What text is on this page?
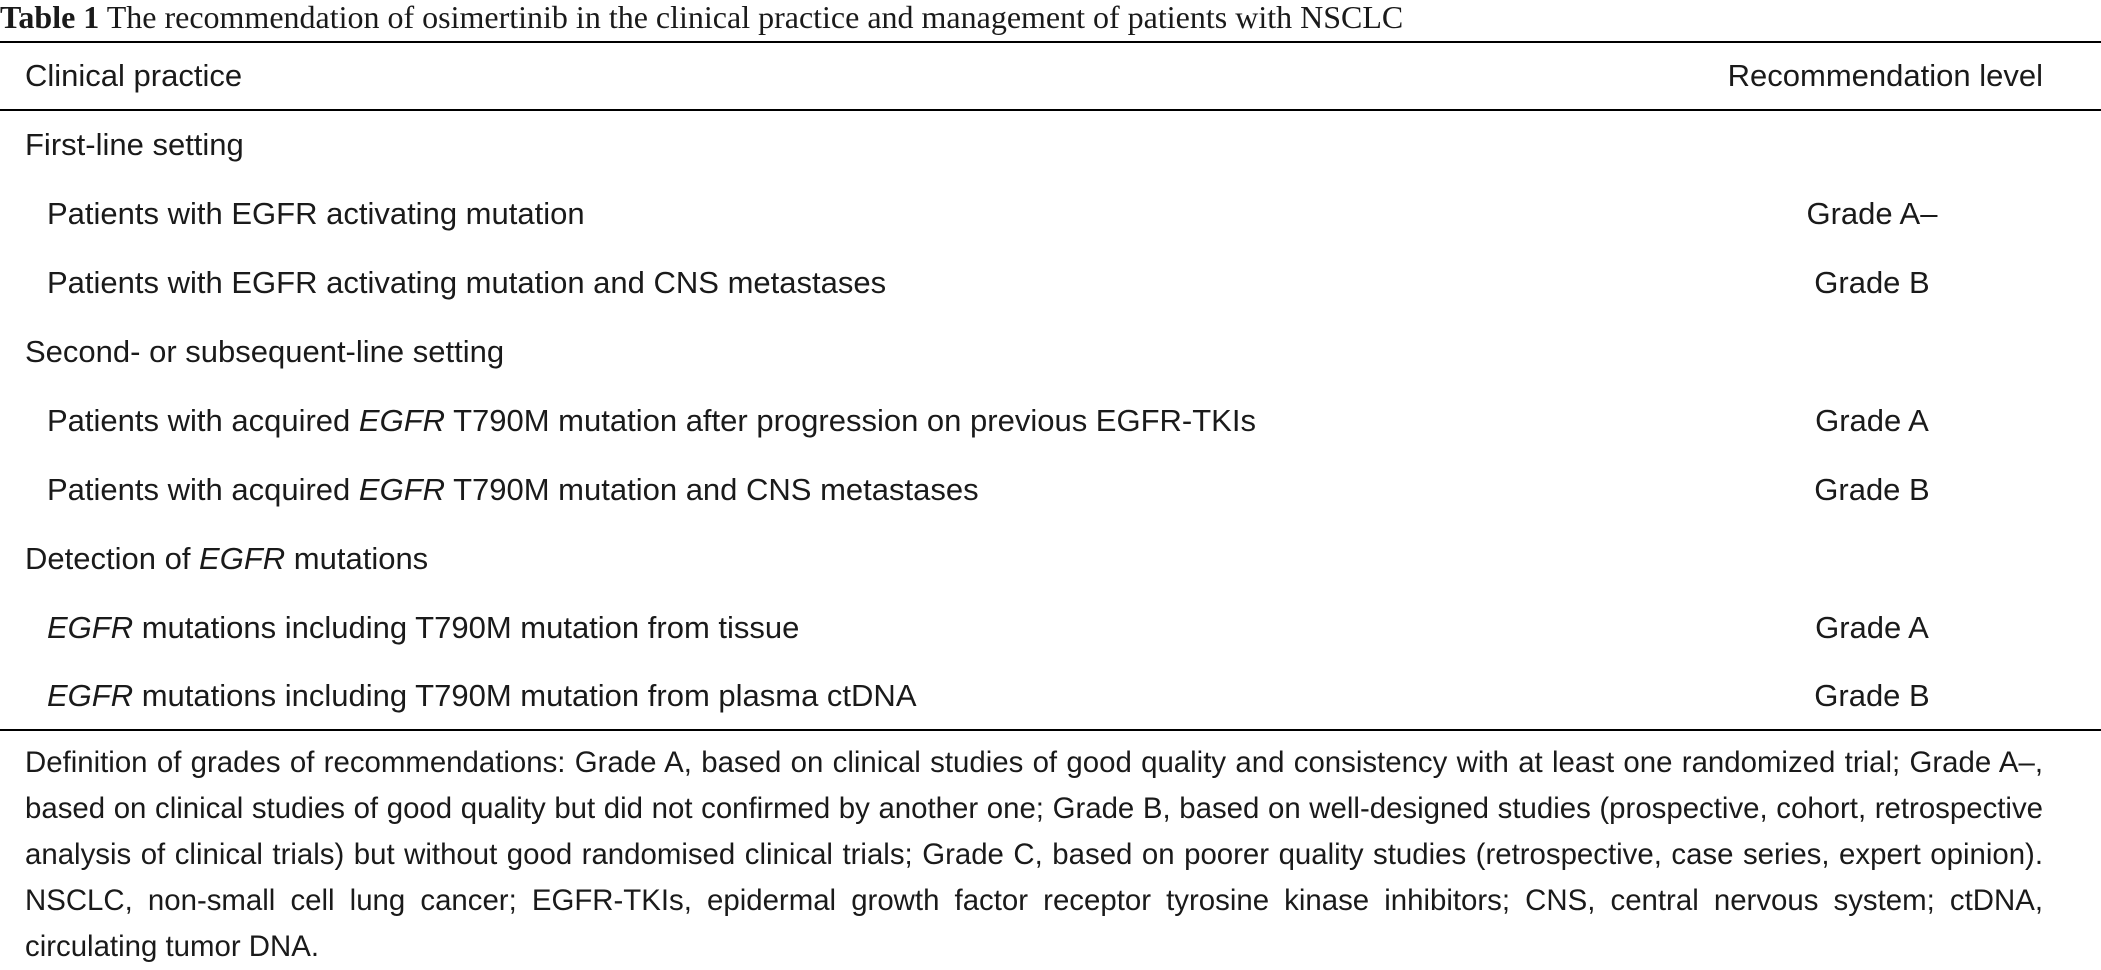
Table 1 The recommendation of osimertinib in the clinical practice and management of patients with NSCLC
Clinical practice	Recommendation level
First-line setting
Patients with EGFR activating mutation	Grade A–
Patients with EGFR activating mutation and CNS metastases	Grade B
Second- or subsequent-line setting
Patients with acquired EGFR T790M mutation after progression on previous EGFR-TKIs	Grade A
Patients with acquired EGFR T790M mutation and CNS metastases	Grade B
Detection of EGFR mutations
EGFR mutations including T790M mutation from tissue	Grade A
EGFR mutations including T790M mutation from plasma ctDNA	Grade B
Definition of grades of recommendations: Grade A, based on clinical studies of good quality and consistency with at least one randomized trial; Grade A–, based on clinical studies of good quality but did not confirmed by another one; Grade B, based on well-designed studies (prospective, cohort, retrospective analysis of clinical trials) but without good randomised clinical trials; Grade C, based on poorer quality studies (retrospective, case series, expert opinion). NSCLC, non-small cell lung cancer; EGFR-TKIs, epidermal growth factor receptor tyrosine kinase inhibitors; CNS, central nervous system; ctDNA, circulating tumor DNA.
